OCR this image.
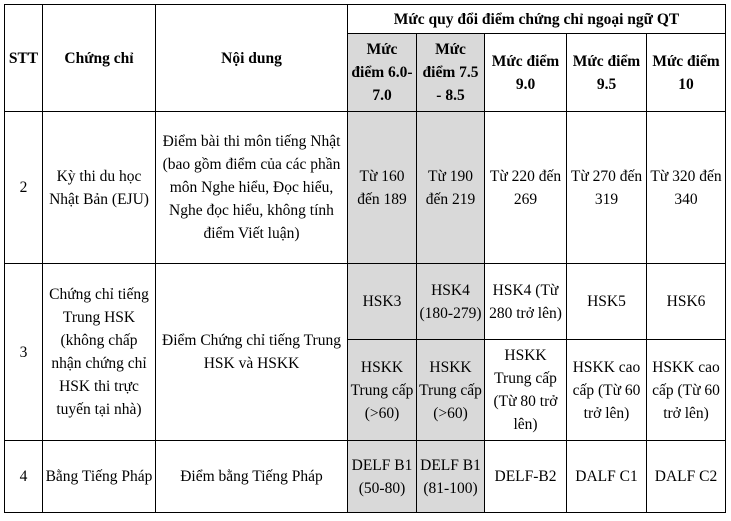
STT	Chứng chỉ	Nội dung	Mức quy đổi điểm chứng chỉ ngoại ngữ QT				
			Mức điểm 6.0-7.0	Mức điểm 7.5 - 8.5	Mức điểm 9.0	Mức điểm 9.5	Mức điểm 10
2	Kỳ thi du học Nhật Bản (EJU)	Điểm bài thi môn tiếng Nhật (bao gồm điểm của các phần môn Nghe hiểu, Đọc hiểu, Nghe đọc hiểu, không tính điểm Viết luận)	Từ 160 đến 189	Từ 190 đến 219	Từ 220 đến 269	Từ 270 đến 319	Từ 320 đến 340
3	Chứng chỉ tiếng Trung HSK (không chấp nhận chứng chỉ HSK thi trực tuyến tại nhà)	Điểm Chứng chỉ tiếng Trung HSK và HSKK	HSK3	HSK4 (180-279)	HSK4 (Từ 280 trở lên)	HSK5	HSK6
			HSKK Trung cấp (>60)	HSKK Trung cấp (>60)	HSKK Trung cấp (Từ 80 trở lên)	HSKK cao cấp (Từ 60 trở lên)	HSKK cao cấp (Từ 60 trở lên)
4	Bằng Tiếng Pháp	Điểm bằng Tiếng Pháp	DELF B1 (50-80)	DELF B1 (81-100)	DELF-B2	DALF C1	DALF C2
